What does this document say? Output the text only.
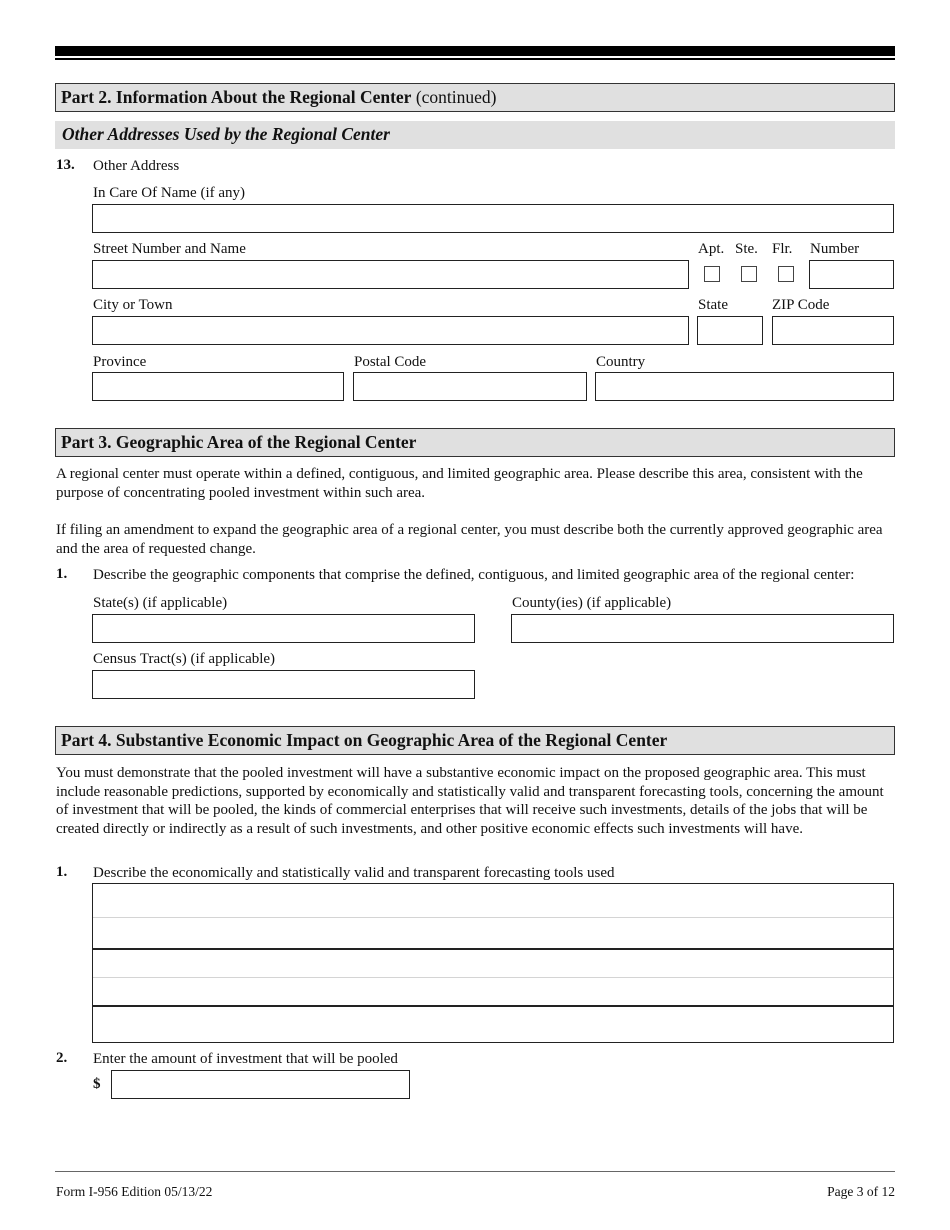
Part 2. Information About the Regional Center (continued)
Other Addresses Used by the Regional Center
13. Other Address
In Care Of Name (if any)
Street Number and Name	Apt. Ste. Flr. Number
City or Town	State	ZIP Code
Province	Postal Code	Country
Part 3. Geographic Area of the Regional Center
A regional center must operate within a defined, contiguous, and limited geographic area. Please describe this area, consistent with the purpose of concentrating pooled investment within such area.
If filing an amendment to expand the geographic area of a regional center, you must describe both the currently approved geographic area and the area of requested change.
1. Describe the geographic components that comprise the defined, contiguous, and limited geographic area of the regional center:
State(s) (if applicable)	County(ies) (if applicable)
Census Tract(s) (if applicable)
Part 4. Substantive Economic Impact on Geographic Area of the Regional Center
You must demonstrate that the pooled investment will have a substantive economic impact on the proposed geographic area. This must include reasonable predictions, supported by economically and statistically valid and transparent forecasting tools, concerning the amount of investment that will be pooled, the kinds of commercial enterprises that will receive such investments, details of the jobs that will be created directly or indirectly as a result of such investments, and other positive economic effects such investments will have.
1. Describe the economically and statistically valid and transparent forecasting tools used
2. Enter the amount of investment that will be pooled
$
Form I-956 Edition 05/13/22	Page 3 of 12
